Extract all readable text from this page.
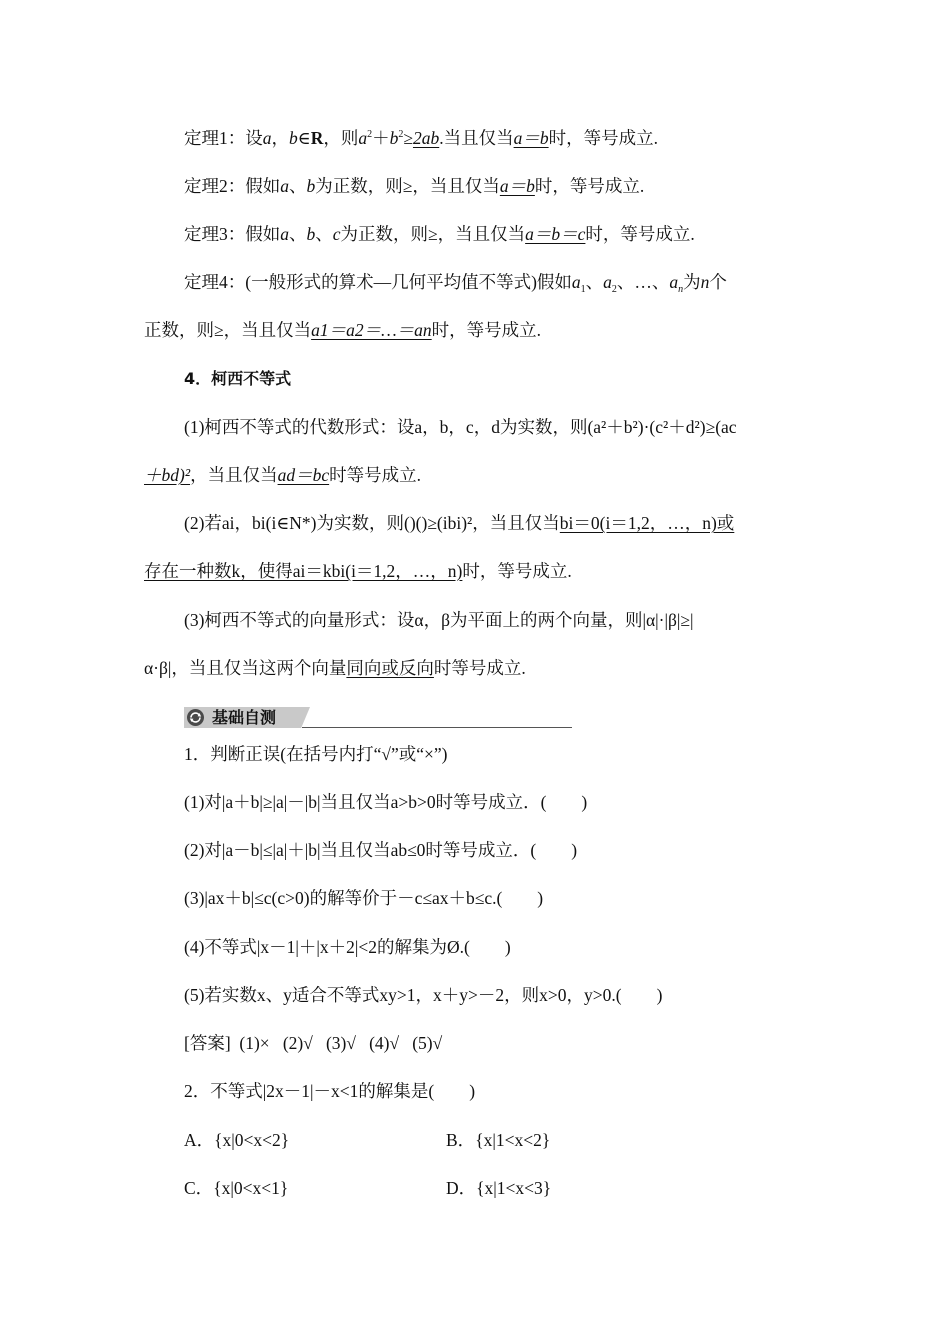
定理1：设a，b∈R，则$a^2+b^2\ge 2ab$.当且仅当a＝b时，等号成立.
定理2：假如a、b为正数，则≥，当且仅当a＝b时，等号成立.
定理3：假如a、b、c为正数，则≥，当且仅当a＝b＝c时，等号成立.
定理4：(一般形式的算术—几何平均值不等式)假如$a_1$、$a_2$、…、$a_n$为n个
正数，则≥，当且仅当a1＝a2＝…＝an时，等号成立.
4．柯西不等式
(1)柯西不等式的代数形式：设a，b，c，d为实数，则(a²＋b²)·(c²＋d²)≥(ac
＋bd)²，当且仅当ad＝bc时等号成立.
(2)若ai，bi(i∈N*)为实数，则()()≥(ibi)²，当且仅当bi＝0(i＝1,2，…，n)或
存在一种数k，使得ai＝kbi(i＝1,2，…，n)时，等号成立.
(3)柯西不等式的向量形式：设α，β为平面上的两个向量，则|α|·|β|≥|
α·β|，当且仅当这两个向量同向或反向时等号成立.
基础自测
1．判断正误(在括号内打“√”或“×”)
(1)对|a＋b|≥|a|－|b|当且仅当a>b>0时等号成立．(　　)
(2)对|a－b|≤|a|＋|b|当且仅当ab≤0时等号成立．(　　)
(3)|ax＋b|≤c(c>0)的解等价于－c≤ax＋b≤c.(　　)
(4)不等式|x－1|＋|x＋2|<2的解集为Ø.(　　)
(5)若实数x、y适合不等式xy>1，x＋y>－2，则x>0，y>0.(　　)
[答案] (1)× (2)√ (3)√ (4)√ (5)√
2．不等式|2x－1|－x<1的解集是(　　)
A．{x|0<x<2}	B．{x|1<x<2}
C．{x|0<x<1}	D．{x|1<x<3}
